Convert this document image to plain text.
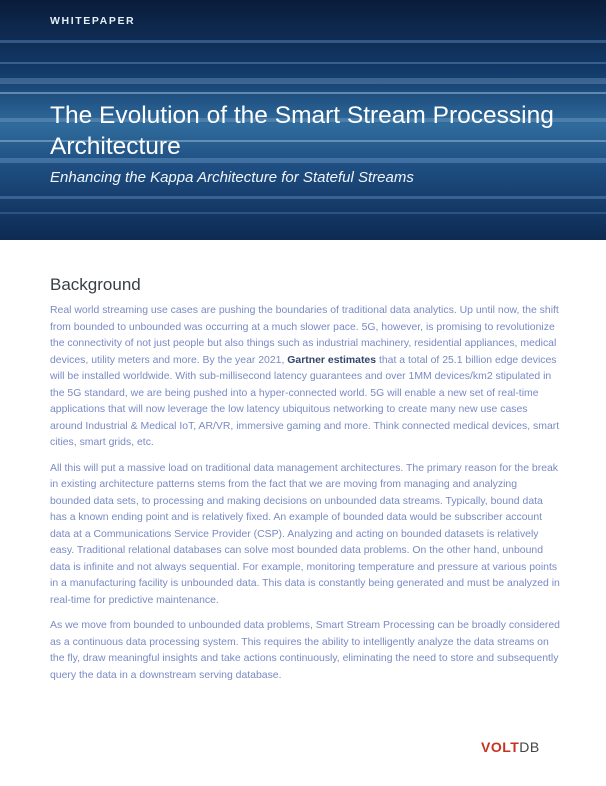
WHITEPAPER

The Evolution of the Smart Stream Processing Architecture

Enhancing the Kappa Architecture for Stateful Streams

Background

Real world streaming use cases are pushing the boundaries of traditional data analytics. Up until now, the shift from bounded to unbounded was occurring at a much slower pace. 5G, however, is promising to revolutionize the connectivity of not just people but also things such as industrial machinery, residential appliances, medical devices, utility meters and more. By the year 2021, Gartner estimates that a total of 25.1 billion edge devices will be installed worldwide. With sub-millisecond latency guarantees and over 1MM devices/km2 stipulated in the 5G standard, we are being pushed into a hyper-connected world. 5G will enable a new set of real-time applications that will now leverage the low latency ubiquitous networking to create many new use cases around Industrial & Medical IoT, AR/VR, immersive gaming and more. Think connected medical devices, smart cities, smart grids, etc.

All this will put a massive load on traditional data management architectures. The primary reason for the break in existing architecture patterns stems from the fact that we are moving from managing and analyzing bounded data sets, to processing and making decisions on unbounded data streams. Typically, bound data has a known ending point and is relatively fixed. An example of bounded data would be subscriber account data at a Communications Service Provider (CSP). Analyzing and acting on bounded datasets is relatively easy. Traditional relational databases can solve most bounded data problems. On the other hand, unbound data is infinite and not always sequential. For example, monitoring temperature and pressure at various points in a manufacturing facility is unbounded data. This data is constantly being generated and must be analyzed in real-time for predictive maintenance.

As we move from bounded to unbounded data problems, Smart Stream Processing can be broadly considered as a continuous data processing system. This requires the ability to intelligently analyze the data streams on the fly, draw meaningful insights and take actions continuously, eliminating the need to store and subsequently query the data in a downstream serving database.

VOLTDB
